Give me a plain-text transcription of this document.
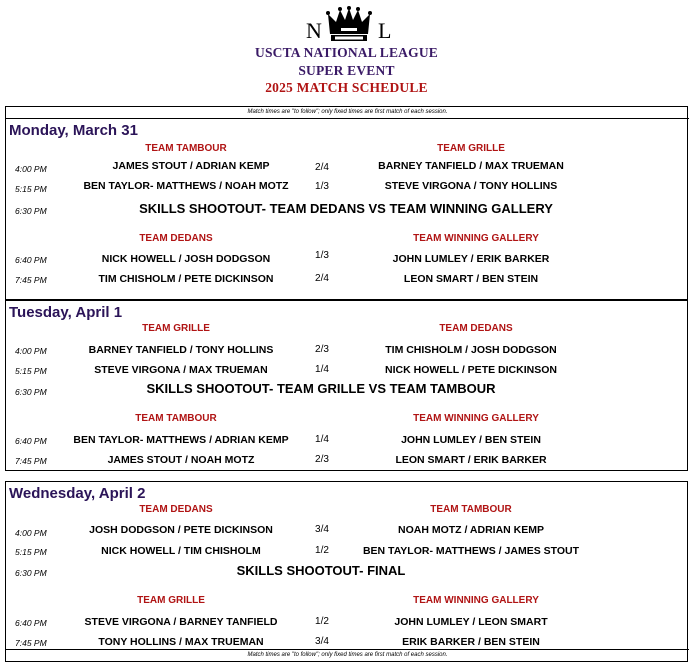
N	L
USCTA NATIONAL LEAGUE
SUPER EVENT
2025 MATCH SCHEDULE
Match times are "to follow"; only fixed times are first match of each session.
Monday, March 31
TEAM TAMBOUR	TEAM GRILLE
4:00 PM	JAMES STOUT / ADRIAN KEMP	2/4	BARNEY TANFIELD / MAX TRUEMAN
5:15 PM	BEN TAYLOR- MATTHEWS / NOAH MOTZ	1/3	STEVE VIRGONA / TONY HOLLINS
6:30 PM	SKILLS SHOOTOUT- TEAM DEDANS VS TEAM WINNING GALLERY
TEAM DEDANS	TEAM WINNING GALLERY
6:40 PM	NICK HOWELL / JOSH DODGSON	1/3	JOHN LUMLEY / ERIK BARKER
7:45 PM	TIM CHISHOLM / PETE DICKINSON	2/4	LEON SMART / BEN STEIN
Tuesday, April 1
TEAM GRILLE	TEAM DEDANS
4:00 PM	BARNEY TANFIELD / TONY HOLLINS	2/3	TIM CHISHOLM / JOSH DODGSON
5:15 PM	STEVE VIRGONA / MAX TRUEMAN	1/4	NICK HOWELL / PETE DICKINSON
6:30 PM	SKILLS SHOOTOUT- TEAM GRILLE VS TEAM TAMBOUR
TEAM TAMBOUR	TEAM WINNING GALLERY
6:40 PM	BEN TAYLOR- MATTHEWS / ADRIAN KEMP	1/4	JOHN LUMLEY / BEN STEIN
7:45 PM	JAMES STOUT / NOAH MOTZ	2/3	LEON SMART / ERIK BARKER
Wednesday, April 2
TEAM DEDANS	TEAM TAMBOUR
4:00 PM	JOSH DODGSON / PETE DICKINSON	3/4	NOAH MOTZ / ADRIAN KEMP
5:15 PM	NICK HOWELL / TIM CHISHOLM	1/2	BEN TAYLOR- MATTHEWS / JAMES STOUT
6:30 PM	SKILLS SHOOTOUT- FINAL
TEAM GRILLE	TEAM WINNING GALLERY
6:40 PM	STEVE VIRGONA / BARNEY TANFIELD	1/2	JOHN LUMLEY / LEON SMART
7:45 PM	TONY HOLLINS / MAX TRUEMAN	3/4	ERIK BARKER / BEN STEIN
Match times are "to follow"; only fixed times are first match of each session.
